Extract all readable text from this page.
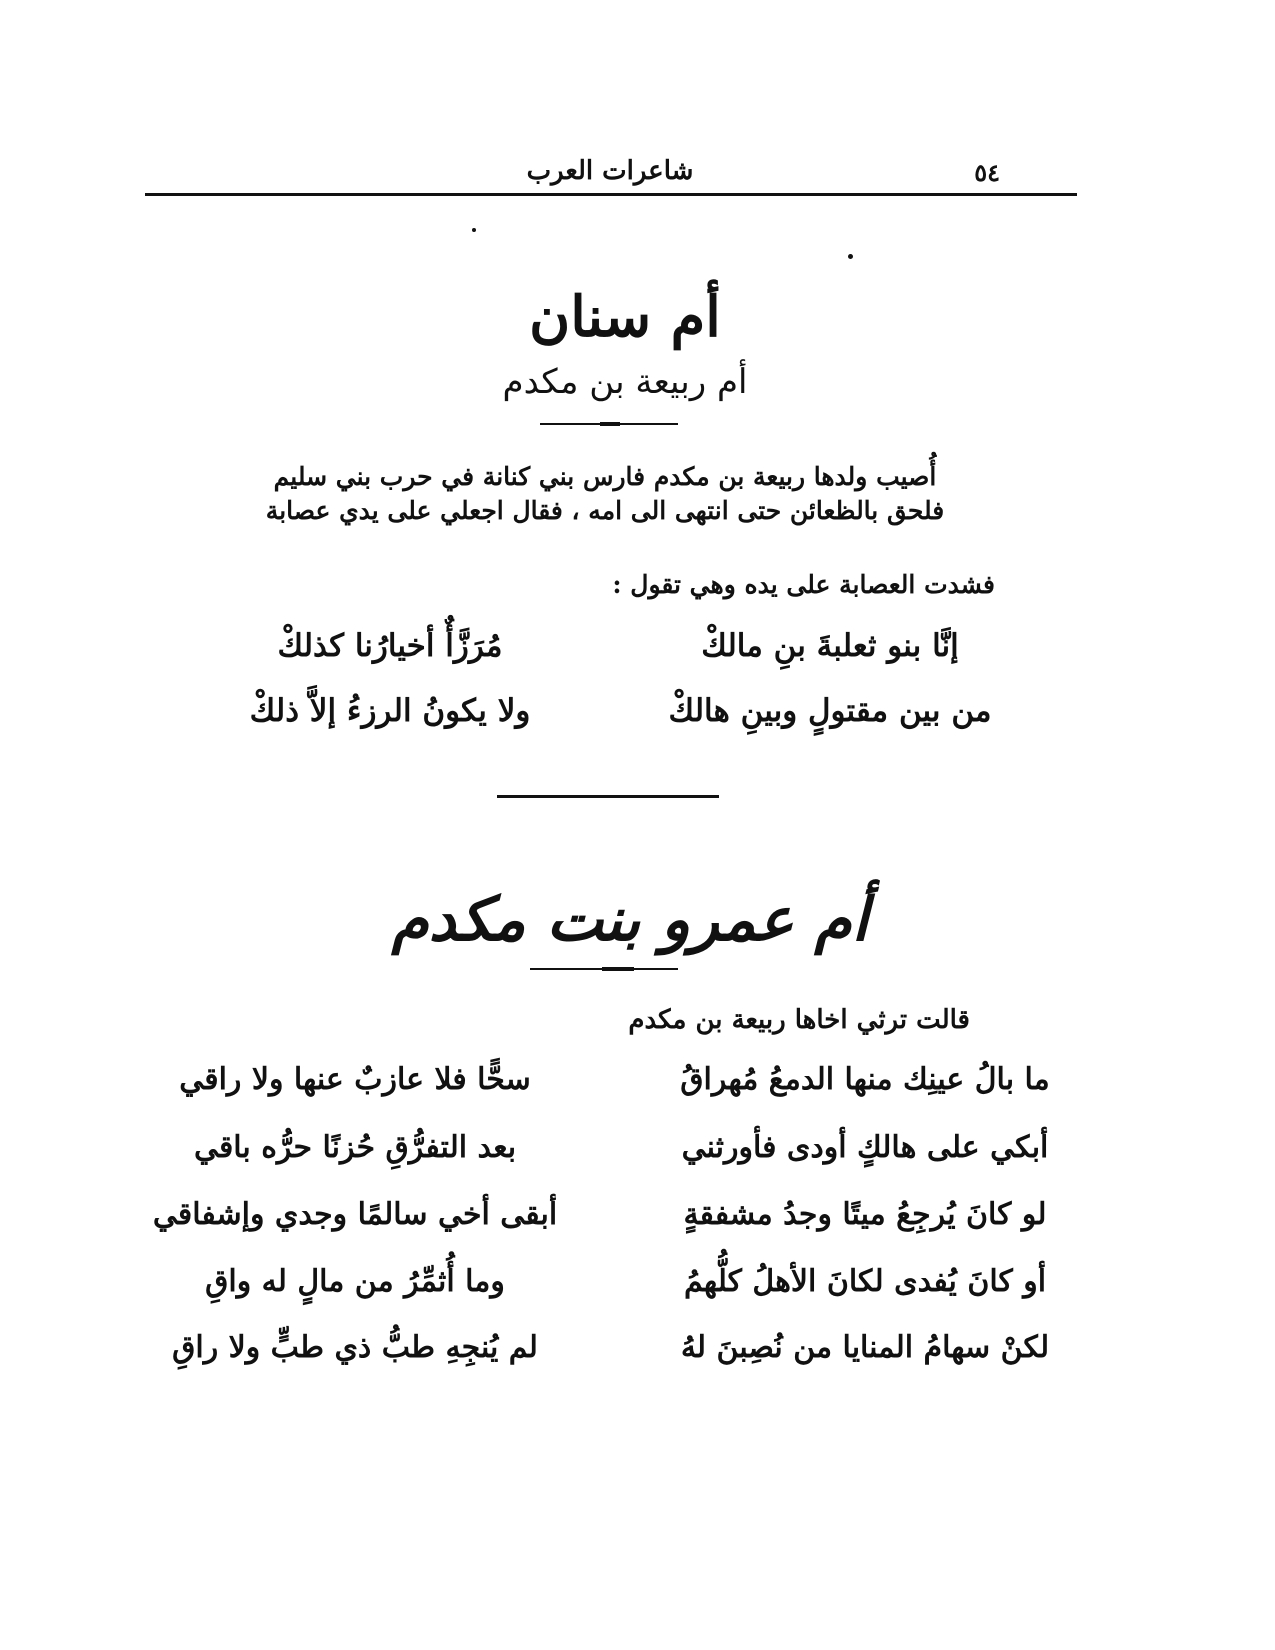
شاعرات العرب	٥٤
أم سنان
أم ربيعة بن مكدم
أُصيب ولدها ربيعة بن مكدم فارس بني كنانة في حرب بني سليم
فلحق بالظعائن حتى انتهى الى امه ، فقال اجعلي على يدي عصابة
فشدت العصابة على يده وهي تقول :
إنَّا بنو ثعلبةَ بنِ مالكْ
مُرَزَّأٌ أخيارُنا كذلكْ
من بين مقتولٍ وبينِ هالكْ
ولا يكونُ الرزءُ إلاَّ ذلكْ
أم عمرو بنت مكدم
قالت ترثي اخاها ربيعة بن مكدم
ما بالُ عينِك منها الدمعُ مُهراقُ
سحًّا فلا عازبٌ عنها ولا راقي
أبكي على هالكٍ أودى فأورثني
بعد التفرُّقِ حُزنًا حرُّه باقي
لو كانَ يُرجِعُ ميتًا وجدُ مشفقةٍ
أبقى أخي سالمًا وجدي وإشفاقي
أو كانَ يُفدى لكانَ الأهلُ كلُّهمُ
وما أُثمِّرُ من مالٍ له واقِ
لكنْ سهامُ المنايا من نُصِبنَ لهُ
لم يُنجِهِ طبُّ ذي طبٍّ ولا راقِ
